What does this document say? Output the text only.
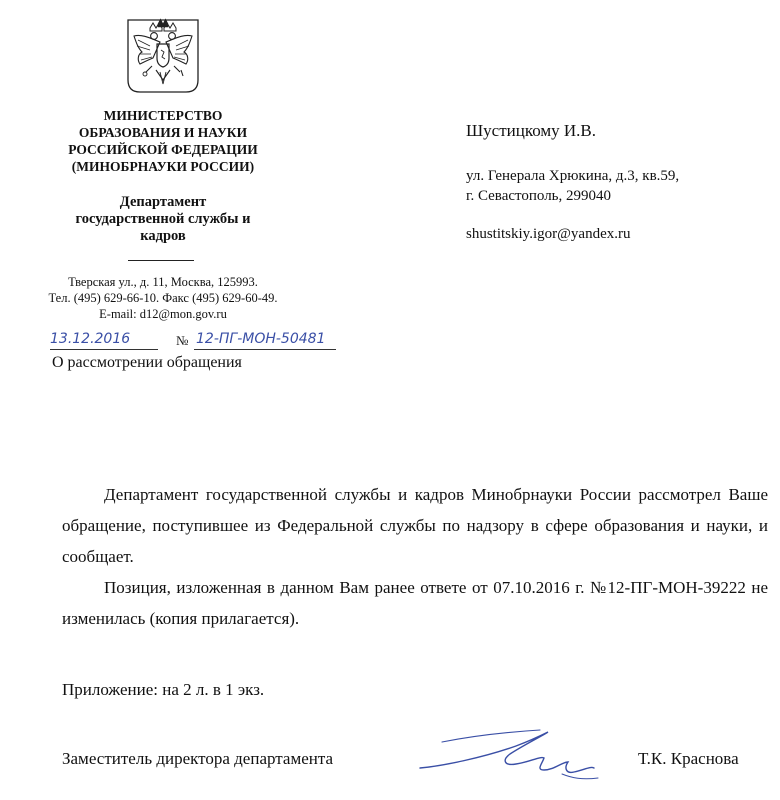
МИНИСТЕРСТВО
ОБРАЗОВАНИЯ И НАУКИ
РОССИЙСКОЙ ФЕДЕРАЦИИ
(МИНОБРНАУКИ РОССИИ)
Департамент
государственной службы и
кадров
Тверская ул., д. 11, Москва, 125993.
Тел. (495) 629-66-10. Факс (495) 629-60-49.
E-mail: d12@mon.gov.ru
13.12.2016	№ 12-ПГ-МОН-50481
О рассмотрении обращения
Шустицкому И.В.
ул. Генерала Хрюкина, д.3, кв.59,
г. Севастополь, 299040
shustitskiy.igor@yandex.ru

Департамент государственной службы и кадров Минобрнауки России рассмотрел Ваше обращение, поступившее из Федеральной службы по надзору в сфере образования и науки, и сообщает.

Позиция, изложенная в данном Вам ранее ответе от 07.10.2016 г. №12-ПГ-МОН-39222 не изменилась (копия прилагается).

Приложение: на 2 л. в 1 экз.
Заместитель директора департамента	Т.К. Краснова
